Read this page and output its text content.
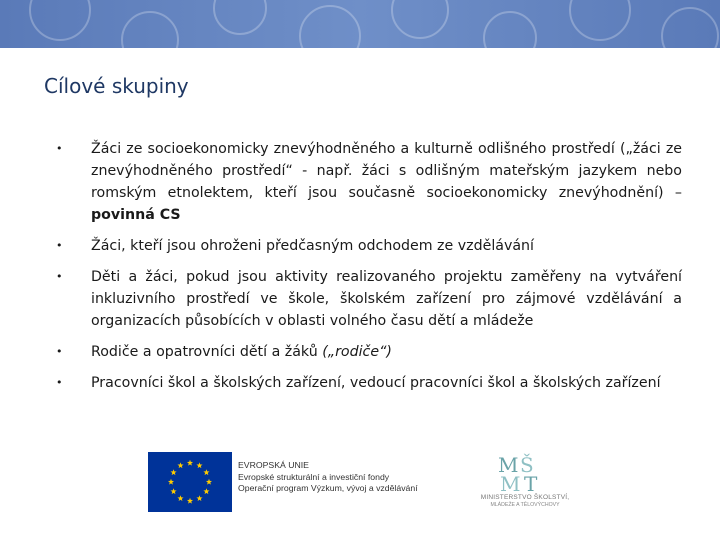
Cílové skupiny
• Žáci ze socioekonomicky znevýhodněného a kulturně odlišného prostředí („žáci ze znevýhodněného prostředí“ - např. žáci s odlišným mateřským jazykem nebo romským etnolektem, kteří jsou současně socioekonomicky znevýhodnění) – povinná CS
• Žáci, kteří jsou ohroženi předčasným odchodem ze vzdělávání
• Děti a žáci, pokud jsou aktivity realizovaného projektu zaměřeny na vytváření inkluzivního prostředí ve škole, školském zařízení pro zájmové vzdělávání a organizacích působících v oblasti volného času dětí a mládeže
• Rodiče a opatrovníci dětí a žáků („rodiče“)
• Pracovníci škol a školských zařízení, vedoucí pracovníci škol a školských zařízení
EVROPSKÁ UNIE
Evropské strukturální a investiční fondy
Operační program Výzkum, vývoj a vzdělávání
M Š
M T
MINISTERSTVO ŠKOLSTVÍ,
MLÁDEŽE A TĚLOVÝCHOVY
